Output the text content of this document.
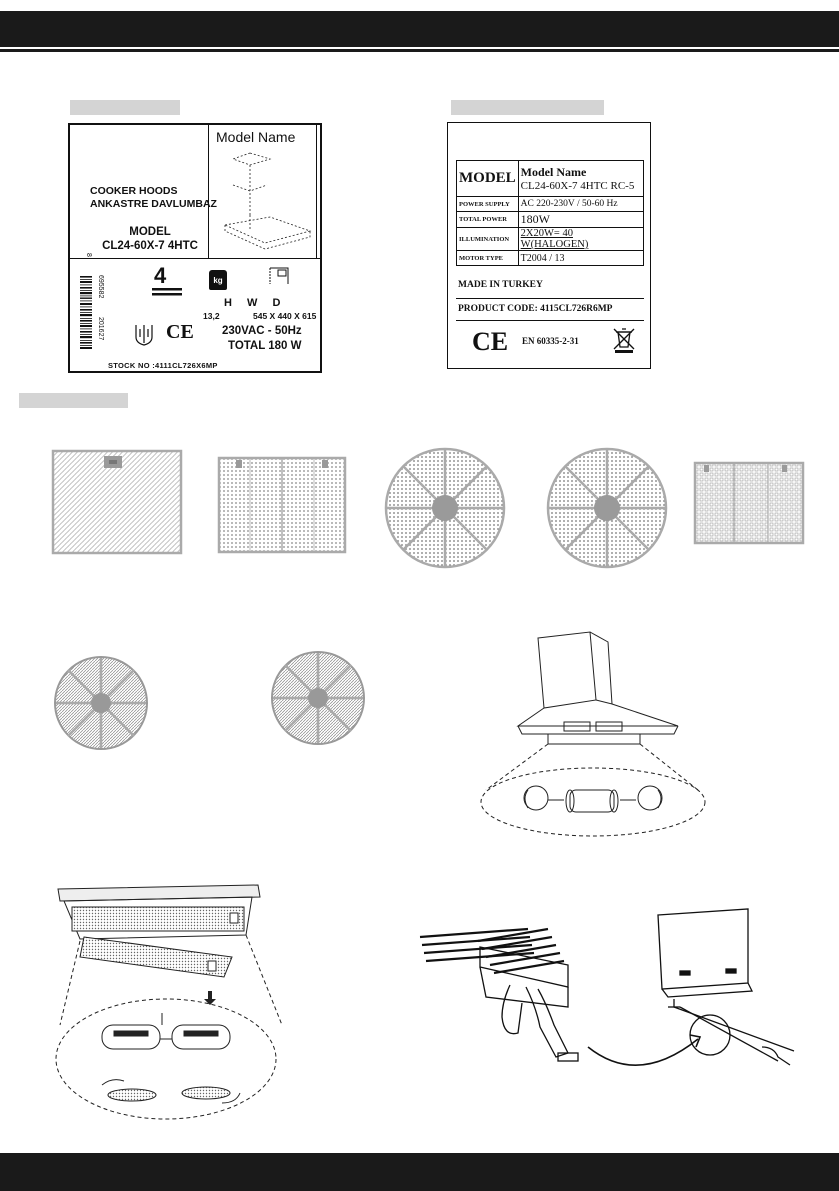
Model Name
COOKER HOODS
ANKASTRE DAVLUMBAZ
MODEL
CL24-60X-7 4HTC
8
695582
201627
4	kg
H W D
13,2	545 X 440 X 615
230VAC - 50Hz
TOTAL 180 W
CE
STOCK NO :4111CL726X6MP
MODEL	Model Name
CL24-60X-7 4HTC RC-5

POWER SUPPLY	AC 220-230V / 50-60 Hz
TOTAL POWER	180W
ILLUMINATION	2X20W= 40 W(HALOGEN)
MOTOR TYPE	T2004 / 13
MADE IN TURKEY
PRODUCT CODE: 4115CL726R6MP
CE EN 60335-2-31
